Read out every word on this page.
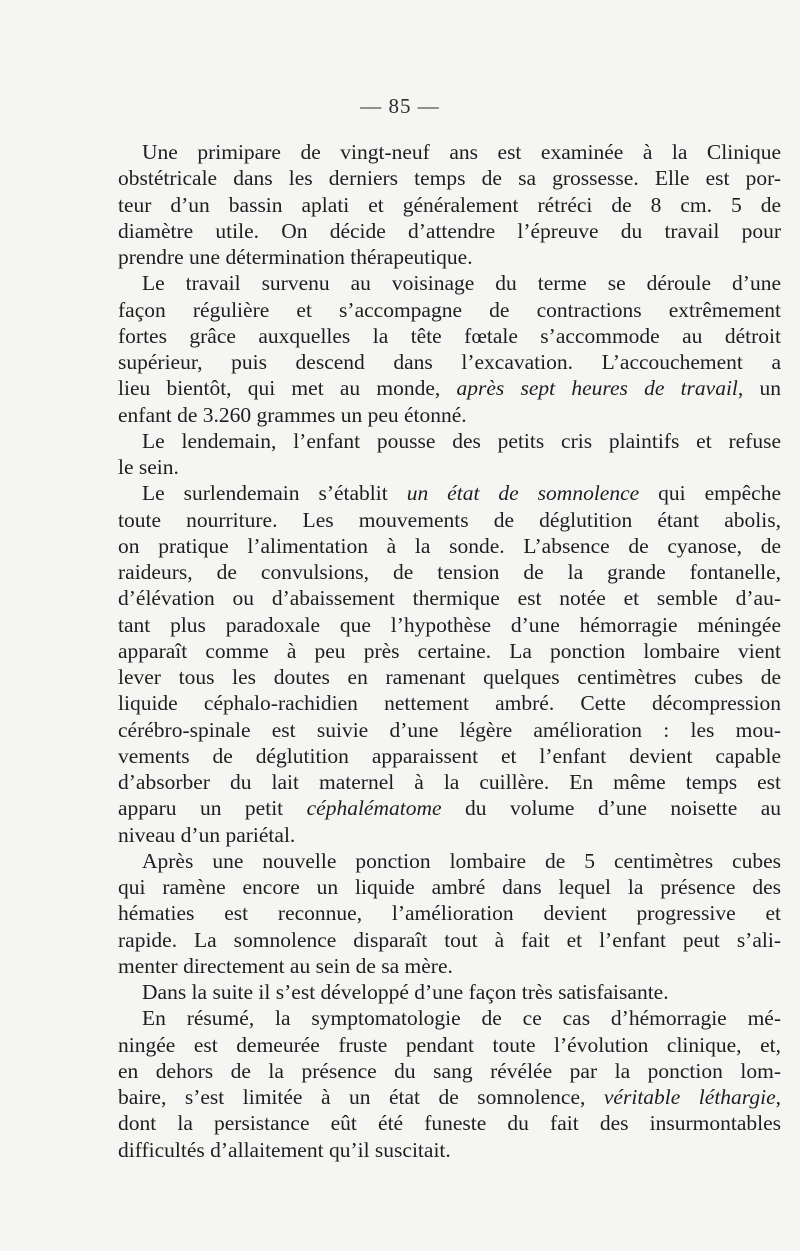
— 85 —
Une primipare de vingt-neuf ans est examinée à la Clinique
obstétricale dans les derniers temps de sa grossesse. Elle est por-
teur d’un bassin aplati et généralement rétréci de 8 cm. 5 de
diamètre utile. On décide d’attendre l’épreuve du travail pour
prendre une détermination thérapeutique.
Le travail survenu au voisinage du terme se déroule d’une
façon régulière et s’accompagne de contractions extrêmement
fortes grâce auxquelles la tête fœtale s’accommode au détroit
supérieur, puis descend dans l’excavation. L’accouchement a
lieu bientôt, qui met au monde, après sept heures de travail, un
enfant de 3.260 grammes un peu étonné.
Le lendemain, l’enfant pousse des petits cris plaintifs et refuse
le sein.
Le surlendemain s’établit un état de somnolence qui empêche
toute nourriture. Les mouvements de déglutition étant abolis,
on pratique l’alimentation à la sonde. L’absence de cyanose, de
raideurs, de convulsions, de tension de la grande fontanelle,
d’élévation ou d’abaissement thermique est notée et semble d’au-
tant plus paradoxale que l’hypothèse d’une hémorragie méningée
apparaît comme à peu près certaine. La ponction lombaire vient
lever tous les doutes en ramenant quelques centimètres cubes de
liquide céphalo-rachidien nettement ambré. Cette décompression
cérébro-spinale est suivie d’une légère amélioration : les mou-
vements de déglutition apparaissent et l’enfant devient capable
d’absorber du lait maternel à la cuillère. En même temps est
apparu un petit céphalématome du volume d’une noisette au
niveau d’un pariétal.
Après une nouvelle ponction lombaire de 5 centimètres cubes
qui ramène encore un liquide ambré dans lequel la présence des
hématies est reconnue, l’amélioration devient progressive et
rapide. La somnolence disparaît tout à fait et l’enfant peut s’ali-
menter directement au sein de sa mère.
Dans la suite il s’est développé d’une façon très satisfaisante.
En résumé, la symptomatologie de ce cas d’hémorragie mé-
ningée est demeurée fruste pendant toute l’évolution clinique, et,
en dehors de la présence du sang révélée par la ponction lom-
baire, s’est limitée à un état de somnolence, véritable léthargie,
dont la persistance eût été funeste du fait des insurmontables
difficultés d’allaitement qu’il suscitait.
